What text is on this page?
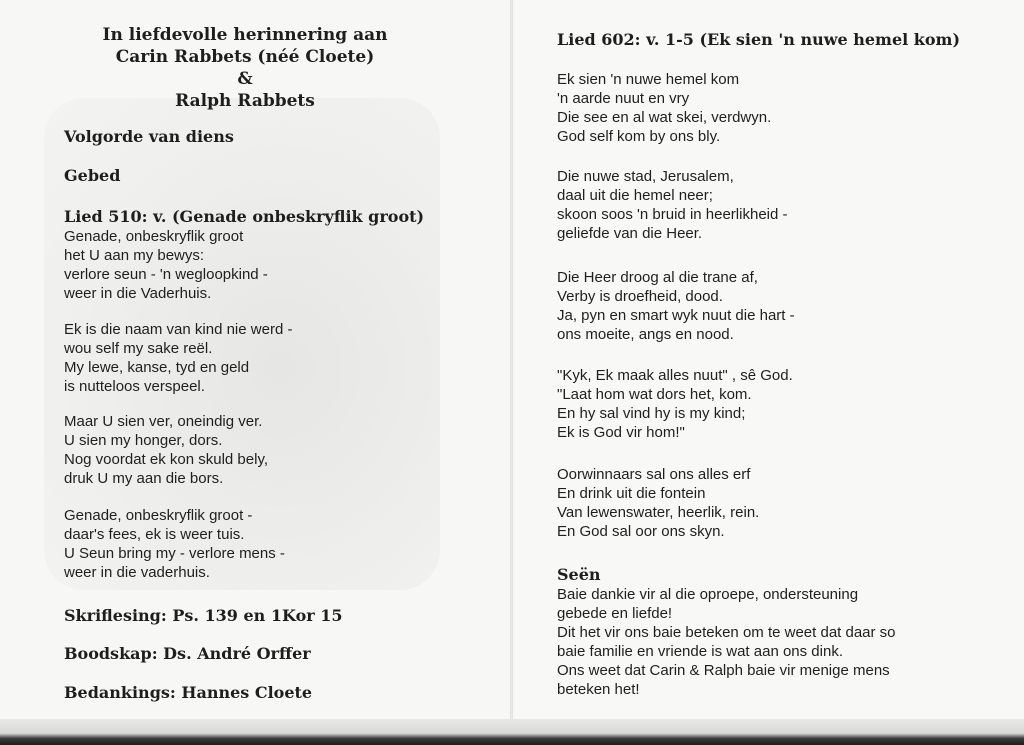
In liefdevolle herinnering aan
Carin Rabbets (néé Cloete)
&
Ralph Rabbets
Volgorde van diens
Gebed
Lied 510: v. (Genade onbeskryflik groot)
Genade, onbeskryflik groot
het U aan my bewys:
verlore seun - 'n wegloopkind -
weer in die Vaderhuis.
Ek is die naam van kind nie werd -
wou self my sake reël.
My lewe, kanse, tyd en geld
is nutteloos verspeel.
Maar U sien ver, oneindig ver.
U sien my honger, dors.
Nog voordat ek kon skuld bely,
druk U my aan die bors.
Genade, onbeskryflik groot -
daar's fees, ek is weer tuis.
U Seun bring my - verlore mens -
weer in die vaderhuis.
Skriflesing: Ps. 139 en 1Kor 15
Boodskap: Ds. André Orffer
Bedankings: Hannes Cloete
Lied 602: v. 1-5 (Ek sien 'n nuwe hemel kom)
Ek sien 'n nuwe hemel kom
'n aarde nuut en vry
Die see en al wat skei, verdwyn.
God self kom by ons bly.
Die nuwe stad, Jerusalem,
daal uit die hemel neer;
skoon soos 'n bruid in heerlikheid -
geliefde van die Heer.
Die Heer droog al die trane af,
Verby is droefheid, dood.
Ja, pyn en smart wyk nuut die hart -
ons moeite, angs en nood.
"Kyk, Ek maak alles nuut" , sê God.
"Laat hom wat dors het, kom.
En hy sal vind hy is my kind;
Ek is God vir hom!"
Oorwinnaars sal ons alles erf
En drink uit die fontein
Van lewenswater, heerlik, rein.
En God sal oor ons skyn.
Seën
Baie dankie vir al die oproepe, ondersteuning
gebede en liefde!
Dit het vir ons baie beteken om te weet dat daar so
baie familie en vriende is wat aan ons dink.
Ons weet dat Carin & Ralph baie vir menige mens
beteken het!
